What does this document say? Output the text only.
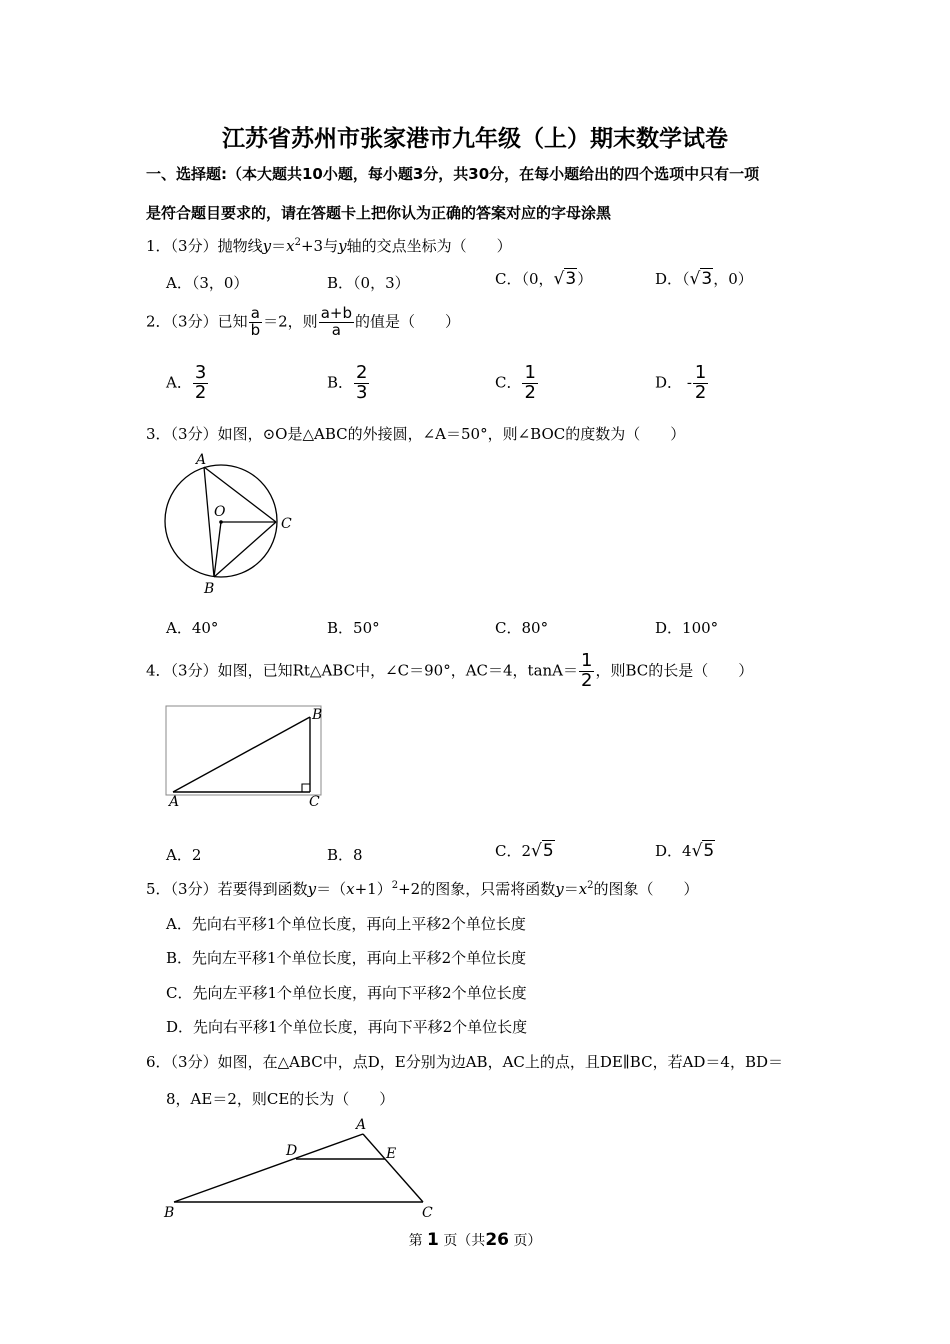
江苏省苏州市张家港市九年级（上）期末数学试卷
一、选择题:（本大题共10小题，每小题3分，共30分，在每小题给出的四个选项中只有一项
是符合题目要求的，请在答题卡上把你认为正确的答案对应的字母涂黑
1．（3分）抛物线$y=x^2+3$与y轴的交点坐标为（　　）
A．（3，0）	B．（0，3）	C．（0，√3）	D．（√3，0）
2．（3分）已知 $\frac{a}{b} =2$，则 $\frac{a+b}{a}$ 的值是（　　）
A． $\frac{3}{2}$	B． $\frac{2}{3}$	C． $\frac{1}{2}$	D． - $\frac{1}{2}$
3．（3分）如图，⊙O是△ABC的外接圆，∠A＝50°，则∠BOC的度数为（　　）
A
O
C
B
A．40°	B．50°	C．80°	D．100°
4．（3分）如图，已知Rt△ABC中，∠C＝90°，AC＝4，$\tan A= \frac{1}{2}$ ，则BC的长是（　　）
A
B
C
A．2	B．8	C．2√5	D．4√5
5．（3分）若要得到函数$y=(x+1)^2+2$的图象，只需将函数$y=x^2$的图象（　　）
A．先向右平移1个单位长度，再向上平移2个单位长度
B．先向左平移1个单位长度，再向上平移2个单位长度
C．先向左平移1个单位长度，再向下平移2个单位长度
D．先向右平移1个单位长度，再向下平移2个单位长度
6．（3分）如图，在△ABC中，点D，E分别为边AB，AC上的点，且DE∥BC，若AD＝4，BD＝
8，AE＝2，则CE的长为（　　）
A
D	E
B	C
第 1 页（共26 页）
